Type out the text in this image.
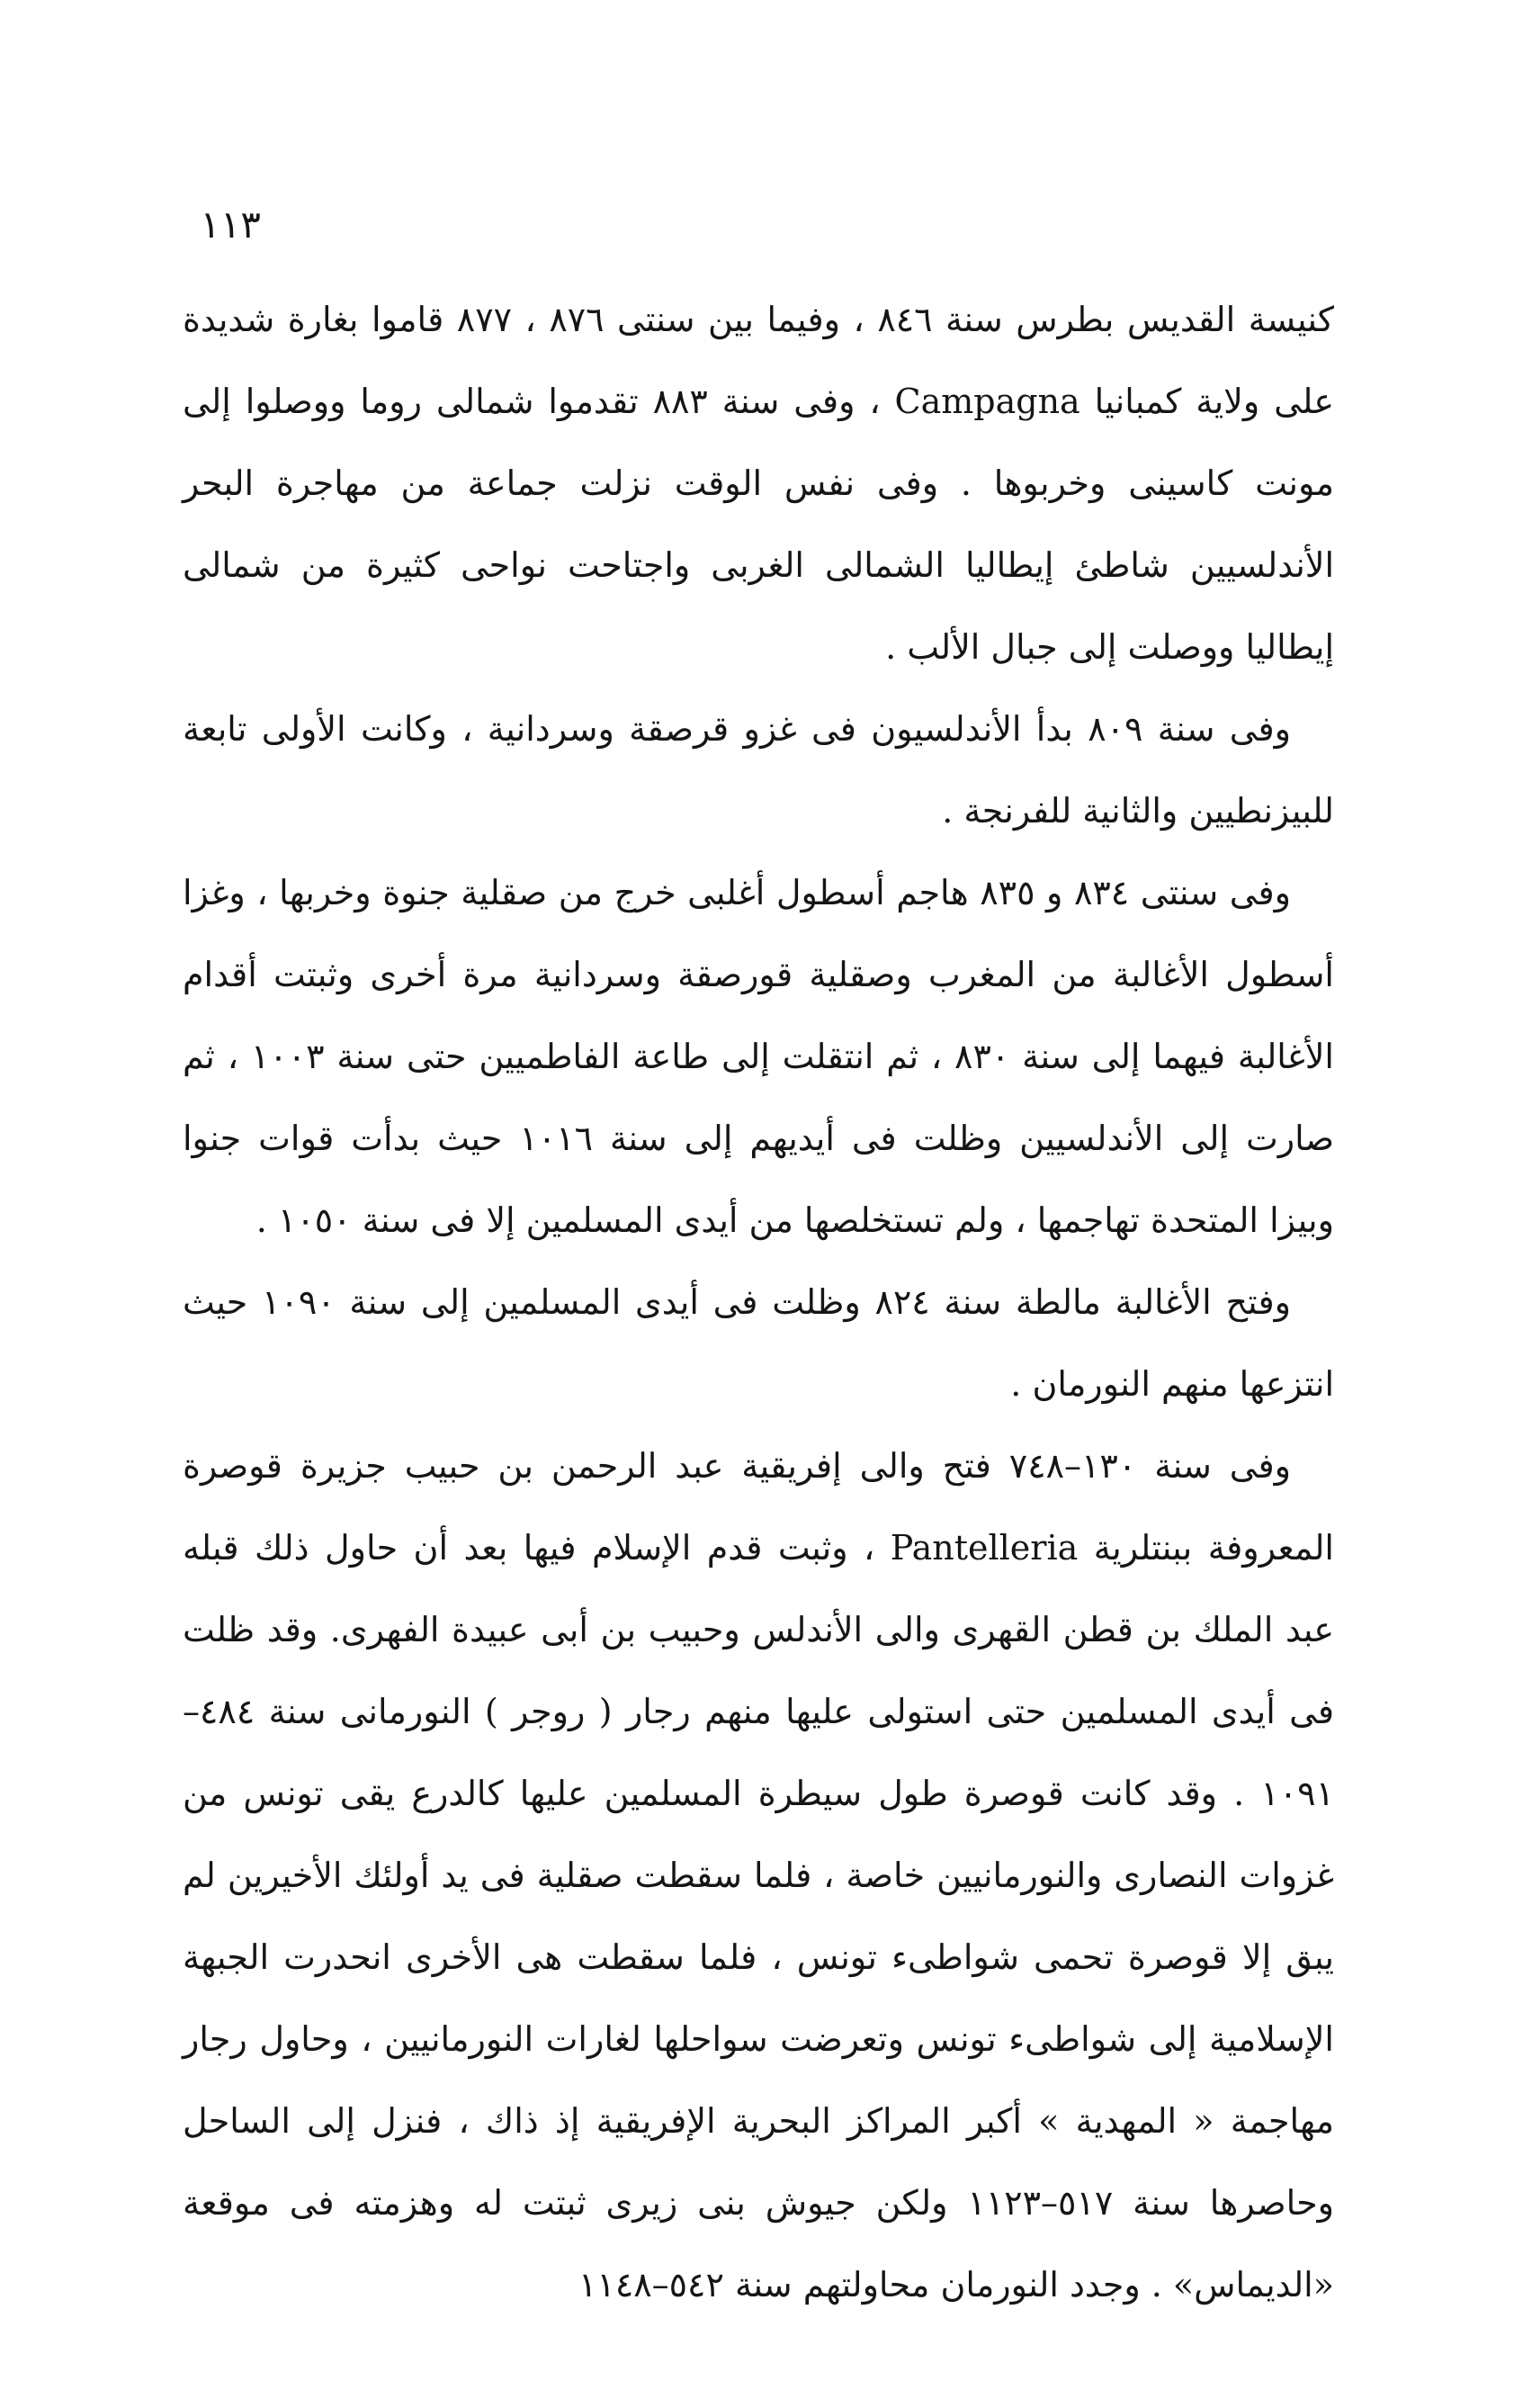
١١٣

كنيسة القديس بطرس سنة ٨٤٦ ، وفيما بين سنتى ٨٧٦ ، ٨٧٧ قاموا بغارة شديدة على ولاية كمبانيا Campagna ، وفى سنة ٨٨٣ تقدموا شمالى روما ووصلوا إلى مونت كاسينى وخربوها . وفى نفس الوقت نزلت جماعة من مهاجرة البحر الأندلسيين شاطئ إيطاليا الشمالى الغربى واجتاحت نواحى كثيرة من شمالى إيطاليا ووصلت إلى جبال الألب .

وفى سنة ٨٠٩ بدأ الأندلسيون فى غزو قرصقة وسردانية ، وكانت الأولى تابعة للبيزنطيين والثانية للفرنجة .

وفى سنتى ٨٣٤ و ٨٣٥ هاجم أسطول أغلبى خرج من صقلية جنوة وخربها ، وغزا أسطول الأغالبة من المغرب وصقلية قورصقة وسردانية مرة أخرى وثبتت أقدام الأغالبة فيهما إلى سنة ٨٣٠ ، ثم انتقلت إلى طاعة الفاطميين حتى سنة ١٠٠٣ ، ثم صارت إلى الأندلسيين وظلت فى أيديهم إلى سنة ١٠١٦ حيث بدأت قوات جنوا وبيزا المتحدة تهاجمها ، ولم تستخلصها من أيدى المسلمين إلا فى سنة ١٠٥٠ .

وفتح الأغالبة مالطة سنة ٨٢٤ وظلت فى أيدى المسلمين إلى سنة ١٠٩٠ حيث انتزعها منهم النورمان .

وفى سنة ١٣٠–٧٤٨ فتح والى إفريقية عبد الرحمن بن حبيب جزيرة قوصرة المعروفة ببنتلرية Pantelleria ، وثبت قدم الإسلام فيها بعد أن حاول ذلك قبله عبد الملك بن قطن القهرى والى الأندلس وحبيب بن أبى عبيدة الفهرى. وقد ظلت فى أيدى المسلمين حتى استولى عليها منهم رجار ( روجر ) النورمانى سنة ٤٨٤–١٠٩١ . وقد كانت قوصرة طول سيطرة المسلمين عليها كالدرع يقى تونس من غزوات النصارى والنورمانيين خاصة ، فلما سقطت صقلية فى يد أولئك الأخيرين لم يبق إلا قوصرة تحمى شواطىء تونس ، فلما سقطت هى الأخرى انحدرت الجبهة الإسلامية إلى شواطىء تونس وتعرضت سواحلها لغارات النورمانيين ، وحاول رجار مهاجمة « المهدية » أكبر المراكز البحرية الإفريقية إذ ذاك ، فنزل إلى الساحل وحاصرها سنة ٥١٧–١١٢٣ ولكن جيوش بنى زيرى ثبتت له وهزمته فى موقعة «الديماس» . وجدد النورمان محاولتهم سنة ٥٤٢–١١٤٨
